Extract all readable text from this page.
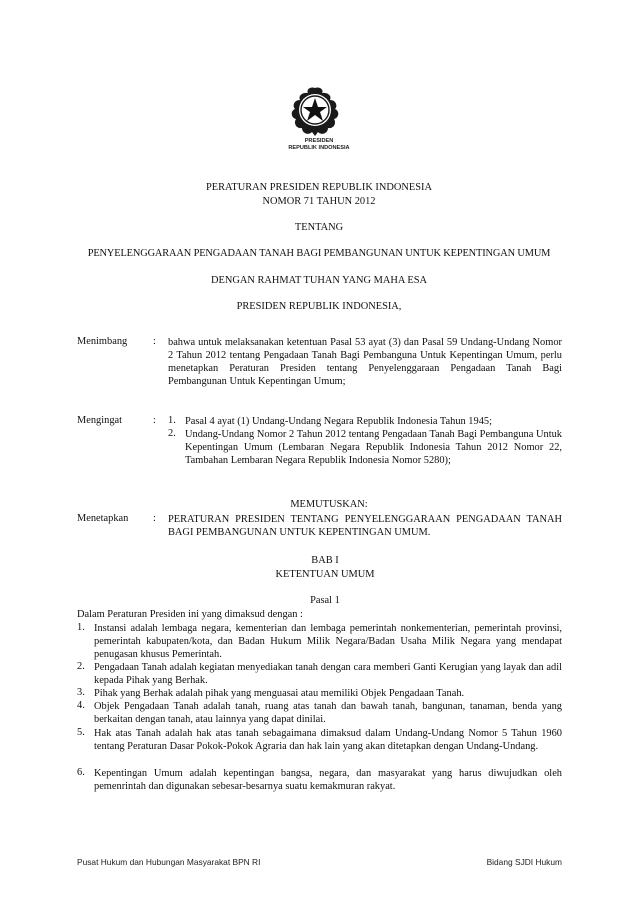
PRESIDEN
REPUBLIK INDONESIA
PERATURAN PRESIDEN REPUBLIK INDONESIA
NOMOR 71 TAHUN 2012
TENTANG
PENYELENGGARAAN PENGADAAN TANAH BAGI PEMBANGUNAN UNTUK KEPENTINGAN UMUM
DENGAN RAHMAT TUHAN YANG MAHA ESA
PRESIDEN REPUBLIK INDONESIA,
Menimbang : bahwa untuk melaksanakan ketentuan Pasal 53 ayat (3) dan Pasal 59 Undang-Undang Nomor 2 Tahun 2012 tentang Pengadaan Tanah Bagi Pembanguna Untuk Kepentingan Umum, perlu menetapkan Peraturan Presiden tentang Penyelenggaraan Pengadaan Tanah Bagi Pembangunan Untuk Kepentingan Umum;
Mengingat	: 1. Pasal 4 ayat (1) Undang-Undang Negara Republik Indonesia Tahun 1945;
2. Undang-Undang Nomor 2 Tahun 2012 tentang Pengadaan Tanah Bagi Pembanguna Untuk Kepentingan Umum (Lembaran Negara Republik Indonesia Tahun 2012 Nomor 22, Tambahan Lembaran Negara Republik Indonesia Nomor 5280);
MEMUTUSKAN:
Menetapkan : PERATURAN PRESIDEN TENTANG PENYELENGGARAAN PENGADAAN TANAH BAGI PEMBANGUNAN UNTUK KEPENTINGAN UMUM.
BAB I
KETENTUAN UMUM
Pasal 1
Dalam Peraturan Presiden ini yang dimaksud dengan :
1. Instansi adalah lembaga negara, kementerian dan lembaga pemerintah nonkementerian, pemerintah provinsi, pemerintah kabupaten/kota, dan Badan Hukum Milik Negara/Badan Usaha Milik Negara yang mendapat penugasan khusus Pemerintah.
2. Pengadaan Tanah adalah kegiatan menyediakan tanah dengan cara memberi Ganti Kerugian yang layak dan adil kepada Pihak yang Berhak.
3. Pihak yang Berhak adalah pihak yang menguasai atau memiliki Objek Pengadaan Tanah.
4. Objek Pengadaan Tanah adalah tanah, ruang atas tanah dan bawah tanah, bangunan, tanaman, benda yang berkaitan dengan tanah, atau lainnya yang dapat dinilai.
5. Hak atas Tanah adalah hak atas tanah sebagaimana dimaksud dalam Undang-Undang Nomor 5 Tahun 1960 tentang Peraturan Dasar Pokok-Pokok Agraria dan hak lain yang akan ditetapkan dengan Undang-Undang.
6. Kepentingan Umum adalah kepentingan bangsa, negara, dan masyarakat yang harus diwujudkan oleh pemenrintah dan digunakan sebesar-besarnya suatu kemakmuran rakyat.
Pusat Hukum dan Hubungan Masyarakat BPN RI	Bidang SJDI Hukum
